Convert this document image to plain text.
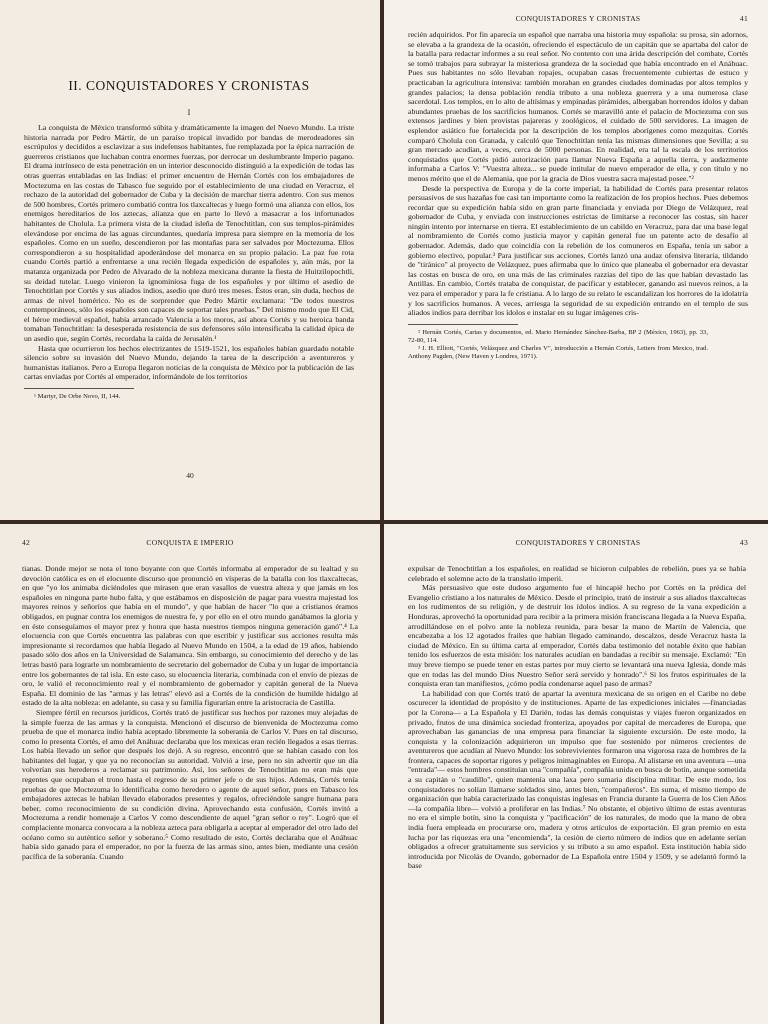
II. CONQUISTADORES Y CRONISTAS
I

La conquista de México transformó súbita y dramáticamente la imagen del Nuevo Mundo. La triste historia narrada por Pedro Mártir, de un paraíso tropical invadido por bandas de merodeadores sin escrúpulos y decididos a esclavizar a sus indefensos habitantes, fue remplazada por la épica narración de guerreros cristianos que luchaban contra enormes fuerzas, por derrocar un deslumbrante Imperio pagano. El drama intrínseco de esta penetración en un interior desconocido distinguió a la expedición de todas las otras guerras entabladas en las Indias: el primer encuentro de Hernán Cortés con los embajadores de Moctezuma en las costas de Tabasco fue seguido por el establecimiento de una ciudad en Veracruz, el rechazo de la autoridad del gobernador de Cuba y la decisión de marchar tierra adentro. Con sus menos de 500 hombres, Cortés primero combatió contra los tlaxcaltecas y luego formó una alianza con ellos, los enemigos hereditarios de los aztecas, alianza que en parte lo llevó a masacrar a los infortunados habitantes de Cholula. La primera vista de la ciudad isleña de Tenochtitlan, con sus templos-pirámides elevándose por encima de las aguas circundantes, quedaría impresa para siempre en la memoria de los españoles. Como en un sueño, descendieron por las montañas para ser salvados por Moctezuma. Ellos correspondieron a su hospitalidad apoderándose del monarca en su propio palacio. La paz fue rota cuando Cortés partió a enfrentarse a una recién llegada expedición de españoles y, aún más, por la matanza organizada por Pedro de Alvarado de la nobleza mexicana durante la fiesta de Huitzilopochtli, su deidad tutelar. Luego vinieron la ignominiosa fuga de los españoles y por último el asedio de Tenochtitlan por Cortés y sus aliados indios, asedio que duró tres meses. Éstos eran, sin duda, hechos de armas de nivel homérico. No es de sorprender que Pedro Mártir exclamara: "De todos nuestros contemporáneos, sólo los españoles son capaces de soportar tales pruebas." Del mismo modo que El Cid, el héroe medieval español, había arrancado Valencia a los moros, así ahora Cortés y su heroica banda tomaban Tenochtitlan: la desesperada resistencia de sus defensores sólo intensificaba la calidad épica de un asedio que, según Cortés, recordaba la caída de Jerusalén.¹

Hasta que ocurrieron los hechos electrizantes de 1519-1521, los españoles habían guardado notable silencio sobre su invasión del Nuevo Mundo, dejando la tarea de la descripción a aventureros y humanistas italianos. Pero a Europa llegaron noticias de la conquista de México por la publicación de las cartas enviadas por Cortés al emperador, informándole de los territorios

¹ Martyr, De Orbe Novo, II, 144.

40
CONQUISTADORES Y CRONISTAS	41

recién adquiridos. Por fin aparecía un español que narraba una historia muy española: su prosa, sin adornos, se elevaba a la grandeza de la ocasión, ofreciendo el espectáculo de un capitán que se apartaba del calor de la batalla para redactar informes a su real señor. No contento con una árida descripción del combate, Cortés se tomó trabajos para subrayar la misteriosa grandeza de la sociedad que había encontrado en el Anáhuac. Pues sus habitantes no sólo llevaban ropajes, ocupaban casas frecuentemente cubiertas de estuco y practicaban la agricultura intensiva: también moraban en grandes ciudades dominadas por altos templos y grandes palacios; la densa población rendía tributo a una nobleza guerrera y a una numerosa clase sacerdotal. Los templos, en lo alto de altísimas y empinadas pirámides, albergaban horrendos ídolos y daban abundantes pruebas de los sacrificios humanos. Cortés se maravilló ante el palacio de Moctezuma con sus extensos jardines y bien provistas pajareras y zoológicos, el cuidado de 500 servidores. La imagen de esplendor asiático fue fortalecida por la descripción de los templos aborígenes como mezquitas. Cortés comparó Cholula con Granada, y calculó que Tenochtitlan tenía las mismas dimensiones que Sevilla; a su gran mercado acudían, a veces, cerca de 5000 personas. En realidad, era tal la escala de los territorios conquistados que Cortés pidió autorización para llamar Nueva España a aquella tierra, y audazmente informaba a Carlos V: "Vuestra alteza... se puede intitular de nuevo emperador de ella, y con título y no menos mérito que el de Alemania, que por la gracia de Dios vuestra sacra majestad posee."²

Desde la perspectiva de Europa y de la corte imperial, la habilidad de Cortés para presentar relatos persuasivos de sus hazañas fue casi tan importante como la realización de los propios hechos. Pues debemos recordar que su expedición había sido en gran parte financiada y enviada por Diego de Velázquez, real gobernador de Cuba, y enviada con instrucciones estrictas de limitarse a reconocer las costas, sin hacer ningún intento por internarse en tierra. El establecimiento de un cabildo en Veracruz, para dar una base legal al nombramiento de Cortés como justicia mayor y capitán general fue un patente acto de desafío al gobernador. Además, dado que coincidía con la rebelión de los comuneros en España, tenía un sabor a gobierno electivo, popular.³ Para justificar sus acciones, Cortés lanzó una audaz ofensiva literaria, tildando de "tiránico" al proyecto de Velázquez, pues afirmaba que lo único que planeaba el gobernador era devastar las costas en busca de oro, en una más de las criminales razzias del tipo de las que habían devastado las Antillas. En cambio, Cortés trataba de conquistar, de pacificar y establecer, ganando así nuevos reinos, a la vez para el emperador y para la fe cristiana. A lo largo de su relato le escandalizan los horrores de la idolatría y los sacrificios humanos. A veces, arriesga la seguridad de su expedición entrando en el templo de sus aliados indios para derribar los ídolos e instalar en su lugar imágenes cris-

² Hernán Cortés, Cartas y documentos, ed. Mario Hernández Sánchez-Barba, BP 2 (México, 1963), pp. 33, 72-80, 114.

³ J. H. Elliott, "Cortés, Velázquez and Charles V", introducción a Hernán Cortés, Letters from Mexico, trad. Anthony Pagden, (New Haven y Londres, 1971).

42	CONQUISTA E IMPERIO

tianas. Donde mejor se nota el tono boyante con que Cortés informaba al emperador de su lealtad y su devoción católica es en el elocuente discurso que pronunció en vísperas de la batalla con los tlaxcaltecas, en que "yo los animaba diciéndoles que mirasen que eran vasallos de vuestra alteza y que jamás en los españoles en ninguna parte hubo falta, y que estábamos en disposición de pagar para vuestra majestad los mayores reinos y señoríos que había en el mundo", y que habían de hacer "lo que a cristianos éramos obligados, en pugnar contra los enemigos de nuestra fe, y por ello en el otro mundo ganábamos la gloria y en éste conseguíamos el mayor prez y honra que hasta nuestros tiempos ninguna generación ganó".⁴ La elocuencia con que Cortés encuentra las palabras con que escribir y justificar sus acciones resulta más impresionante si recordamos que había llegado al Nuevo Mundo en 1504, a la edad de 19 años, habiendo pasado sólo dos años en la Universidad de Salamanca. Sin embargo, su conocimiento del derecho y de las letras bastó para lograrle un nombramiento de secretario del gobernador de Cuba y un lugar de importancia entre los gobernantes de tal isla. En este caso, su elocuencia literaria, combinada con el envío de piezas de oro, le valió el reconocimiento real y el nombramiento de gobernador y capitán general de la Nueva España. El dominio de las "armas y las letras" elevó así a Cortés de la condición de humilde hidalgo al estado de la alta nobleza: en adelante, su casa y su familia figurarían entre la aristocracia de Castilla.

Siempre fértil en recursos jurídicos, Cortés trató de justificar sus hechos por razones muy alejadas de la simple fuerza de las armas y la conquista. Mencionó el discurso de bienvenida de Moctezuma como prueba de que el monarca indio había aceptado libremente la soberanía de Carlos V. Pues en tal discurso, como lo presenta Cortés, el amo del Anáhuac declaraba que los mexicas eran recién llegados a esas tierras. Los había llevado un señor que después los dejó. A su regreso, encontró que se habían casado con los habitantes del lugar, y que ya no reconocían su autoridad. Volvió a irse, pero no sin advertir que un día volverían sus herederos a reclamar su patrimonio. Así, los señores de Tenochtitlan no eran más que regentes que ocupaban el trono hasta el regreso de su primer jefe o de sus hijos. Además, Cortés tenía pruebas de que Moctezuma lo identificaba como heredero o agente de aquel señor, pues en Tabasco los embajadores aztecas le habían llevado elaborados presentes y regalos, ofreciéndole sangre humana para beber, como reconocimiento de su condición divina. Aprovechando esta confusión, Cortés invitó a Moctezuma a rendir homenaje a Carlos V como descendiente de aquel "gran señor o rey". Logró que el complaciente monarca convocara a la nobleza azteca para obligarla a aceptar al emperador del otro lado del océano como su auténtico señor y soberano.⁵ Como resultado de esto, Cortés declaraba que el Anáhuac había sido ganado para el emperador, no por la fuerza de las armas sino, antes bien, mediante una cesión pacífica de la soberanía. Cuando

CONQUISTADORES Y CRONISTAS	43

expulsar de Tenochtitlan a los españoles, en realidad se hicieron culpables de rebelión, pues ya se había celebrado el solemne acto de la translatio imperii.

Más persuasivo que este dudoso argumento fue el hincapié hecho por Cortés en la prédica del Evangelio cristiano a los naturales de México. Desde el principio, trató de instruir a sus aliados tlaxcaltecas en los rudimentos de su religión, y de destruir los ídolos indios. A su regreso de la vana expedición a Honduras, aprovechó la oportunidad para recibir a la primera misión franciscana llegada a la Nueva España, arrodillándose en el polvo ante la nobleza reunida, para besar la mano de Martín de Valencia, que encabezaba a los 12 agotados frailes que habían llegado caminando, descalzos, desde Veracruz hasta la ciudad de México. En su última carta al emperador, Cortés daba testimonio del notable éxito que habían tenido los esfuerzos de esta misión: los naturales acudían en bandadas a recibir su mensaje. Exclamó: "En muy breve tiempo se puede tener en estas partes por muy cierto se levantará una nueva Iglesia, donde más que en todas las del mundo Dios Nuestro Señor será servido y honrado".⁶ Si los frutos espirituales de la conquista eran tan manifiestos, ¿cómo podía condenarse aquel paso de armas?

La habilidad con que Cortés trató de apartar la aventura mexicana de su origen en el Caribe no debe oscurecer la identidad de propósito y de instituciones. Aparte de las expediciones iniciales —financiadas por la Corona— a La Española y El Darién, todas las demás conquistas y viajes fueron organizados en privado, frutos de una dinámica sociedad fronteriza, apoyados por capital de mercaderes de Europa, que aprovechaban las ganancias de una empresa para financiar la siguiente excursión. De este modo, la conquista y la colonización adquirieron un impulso que fue sostenido por números crecientes de aventureros que acudían al Nuevo Mundo: los sobrevivientes formaron una vigorosa raza de hombres de la frontera, capaces de soportar rigores y peligros inimaginables en Europa. Al alistarse en una aventura —una "entrada"— estos hombres constituían una "compañía", compañía unida en busca de botín, aunque sometida a su capitán o "caudillo", quien mantenía una laxa pero sumaria disciplina militar. De este modo, los conquistadores no solían llamarse soldados sino, antes bien, "compañeros". En suma, el mismo tiempo de organización que había caracterizado las conquistas inglesas en Francia durante la Guerra de los Cien Años —la compañía libre— volvió a proliferar en las Indias.⁷ No obstante, el objetivo último de estas aventuras no era el simple botín, sino la conquista y "pacificación" de los naturales, de modo que la mano de obra india fuera empleada en procurarse oro, madera y otros artículos de exportación. El gran premio en esta lucha por las riquezas era una "encomienda", la cesión de cierto número de indios que en adelante serían obligados a ofrecer gratuitamente sus servicios y su tributo a su amo español. Esta institución había sido introducida por Nicolás de Ovando, gobernador de La Española entre 1504 y 1509, y se adelantó formó la base
